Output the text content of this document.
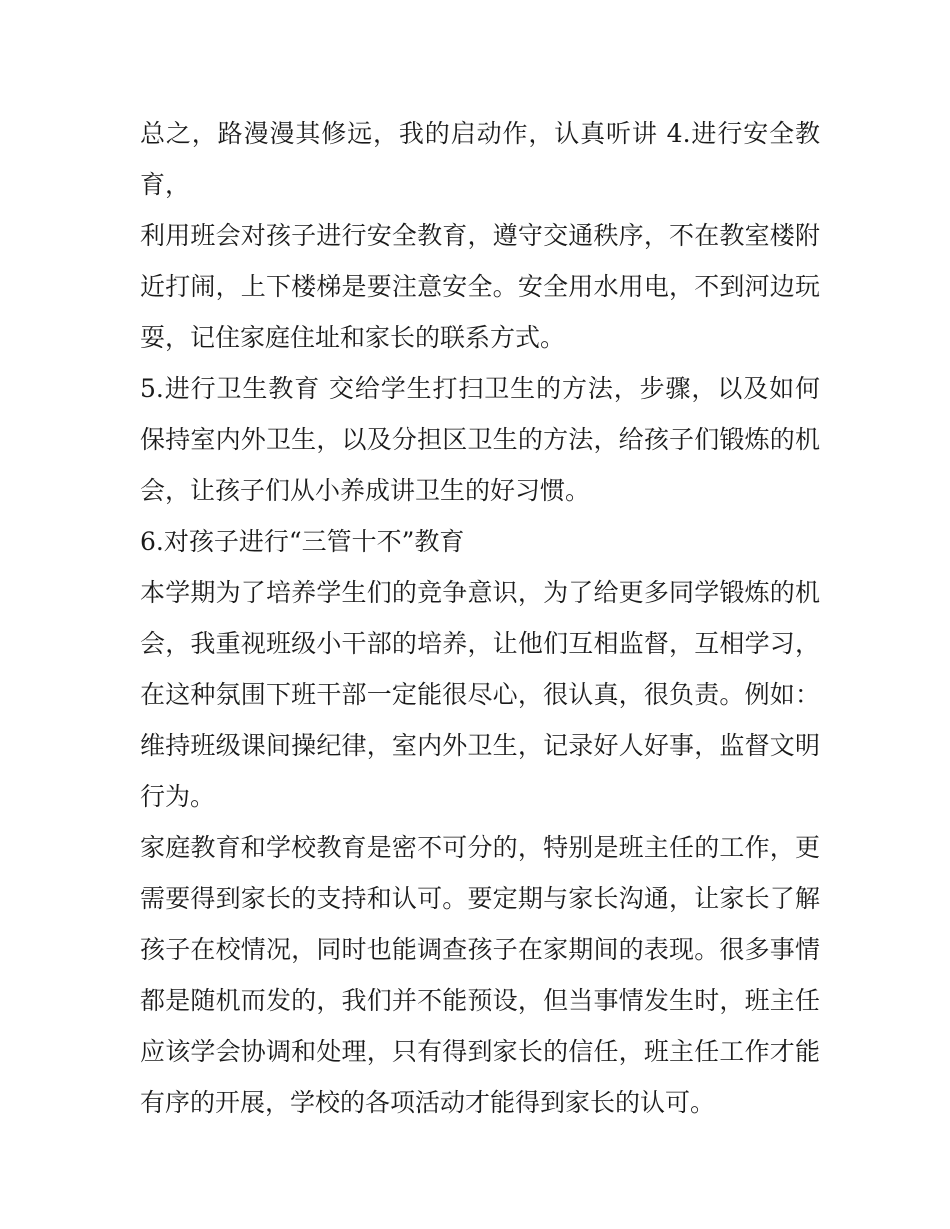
总之，路漫漫其修远，我的启动作，认真听讲 4.进行安全教育，

利用班会对孩子进行安全教育，遵守交通秩序，不在教室楼附近打闹，上下楼梯是要注意安全。安全用水用电，不到河边玩耍，记住家庭住址和家长的联系方式。

5.进行卫生教育 交给学生打扫卫生的方法，步骤，以及如何保持室内外卫生，以及分担区卫生的方法，给孩子们锻炼的机会，让孩子们从小养成讲卫生的好习惯。

6.对孩子进行“三管十不”教育

本学期为了培养学生们的竞争意识，为了给更多同学锻炼的机会，我重视班级小干部的培养，让他们互相监督，互相学习，在这种氛围下班干部一定能很尽心，很认真，很负责。例如：维持班级课间操纪律，室内外卫生，记录好人好事，监督文明行为。

家庭教育和学校教育是密不可分的，特别是班主任的工作，更需要得到家长的支持和认可。要定期与家长沟通，让家长了解孩子在校情况，同时也能调查孩子在家期间的表现。很多事情都是随机而发的，我们并不能预设，但当事情发生时，班主任应该学会协调和处理，只有得到家长的信任，班主任工作才能有序的开展，学校的各项活动才能得到家长的认可。
